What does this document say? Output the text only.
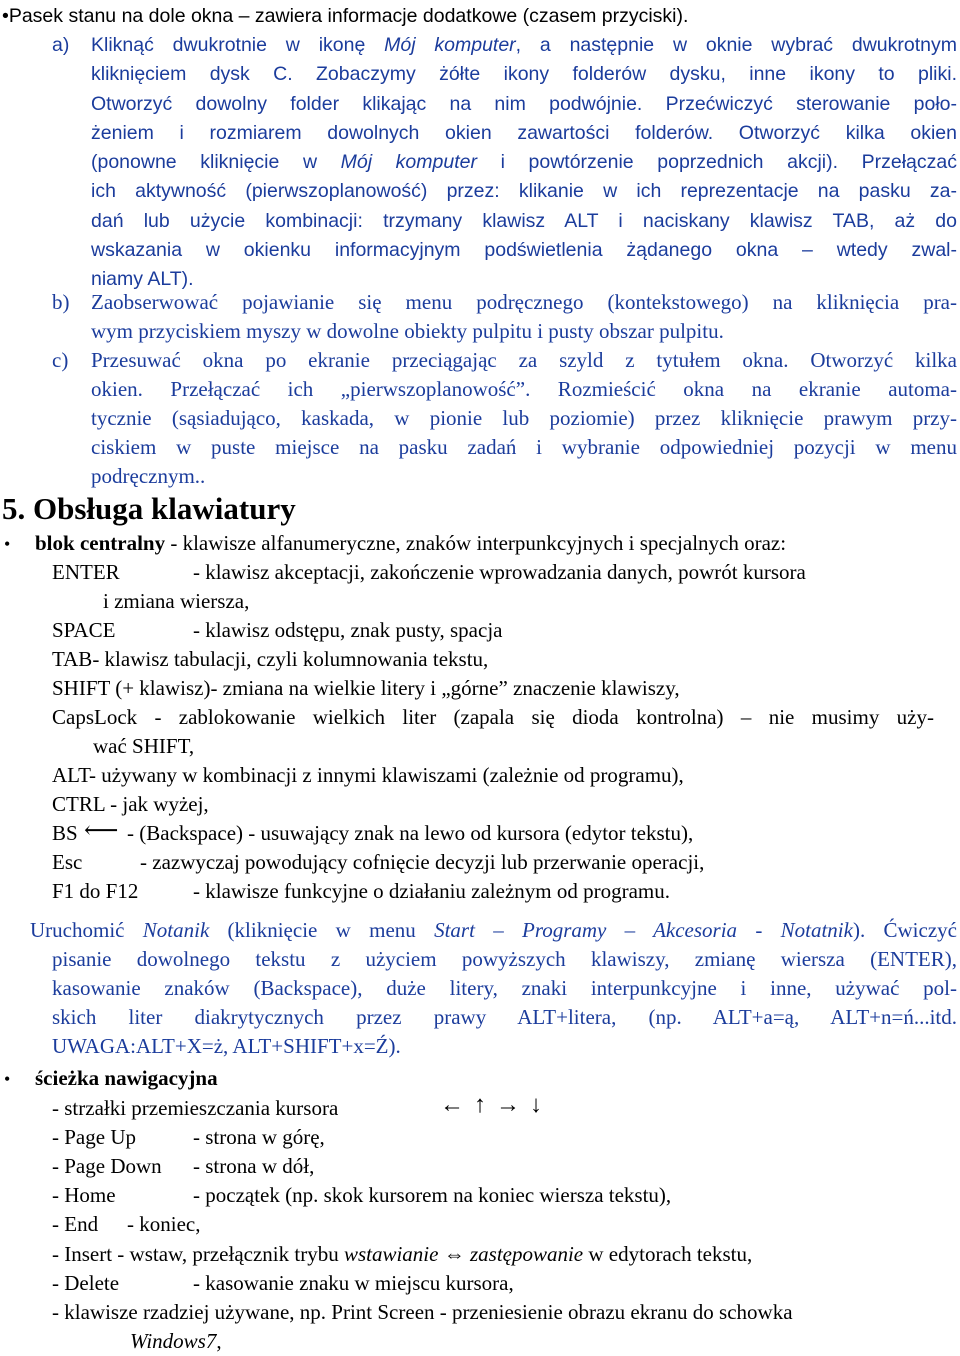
•Pasek stanu na dole okna – zawiera informacje dodatkowe (czasem przyciski).
a) Kliknąć dwukrotnie w ikonę Mój komputer, a następnie w oknie wybrać dwukrotnym
kliknięciem dysk C. Zobaczymy żółte ikony folderów dysku, inne ikony to pliki.
Otworzyć dowolny folder klikając na nim podwójnie. Przećwiczyć sterowanie poło-
żeniem i rozmiarem dowolnych okien zawartości folderów. Otworzyć kilka okien
(ponowne kliknięcie w Mój komputer i powtórzenie poprzednich akcji). Przełączać
ich aktywność (pierwszoplanowość) przez: klikanie w ich reprezentacje na pasku za-
dań lub użycie kombinacji: trzymany klawisz ALT i naciskany klawisz TAB, aż do
wskazania w okienku informacyjnym podświetlenia żądanego okna – wtedy zwal-
niamy ALT).
b) Zaobserwować pojawianie się menu podręcznego (kontekstowego) na kliknięcia pra-
wym przyciskiem myszy w dowolne obiekty pulpitu i pusty obszar pulpitu.
c) Przesuwać okna po ekranie przeciągając za szyld z tytułem okna. Otworzyć kilka
okien. Przełączać ich „pierwszoplanowość”. Rozmieścić okna na ekranie automa-
tycznie (sąsiadująco, kaskada, w pionie lub poziomie) przez kliknięcie prawym przy-
ciskiem w puste miejsce na pasku zadań i wybranie odpowiedniej pozycji w menu
podręcznym..
5. Obsługa klawiatury
• blok centralny - klawisze alfanumeryczne, znaków interpunkcyjnych i specjalnych oraz:
ENTER	- klawisz akceptacji, zakończenie wprowadzania danych, powrót kursora
i zmiana wiersza,
SPACE	- klawisz odstępu, znak pusty, spacja
TAB- klawisz tabulacji, czyli kolumnowania tekstu,
SHIFT (+ klawisz)- zmiana na wielkie litery i „górne” znaczenie klawiszy,
CapsLock - zablokowanie wielkich liter (zapala się dioda kontrolna) – nie musimy uży-
wać SHIFT,
ALT- używany w kombinacji z innymi klawiszami (zależnie od programu),
CTRL - jak wyżej,
BS ⟵ - (Backspace) - usuwający znak na lewo od kursora (edytor tekstu),
Esc	- zazwyczaj powodujący cofnięcie decyzji lub przerwanie operacji,
F1 do F12	- klawisze funkcyjne o działaniu zależnym od programu.
Uruchomić Notanik (kliknięcie w menu Start – Programy – Akcesoria - Notatnik). Ćwiczyć
pisanie dowolnego tekstu z użyciem powyższych klawiszy, zmianę wiersza (ENTER),
kasowanie znaków (Backspace), duże litery, znaki interpunkcyjne i inne, używać pol-
skich liter diakrytycznych przez prawy ALT+litera, (np. ALT+a=ą, ALT+n=ń...itd.
UWAGA:ALT+X=ż, ALT+SHIFT+x=Ź).
• ścieżka nawigacyjna
- strzałki przemieszczania kursora	← ↑ → ↓
- Page Up	- strona w górę,
- Page Down - strona w dół,
- Home	- początek (np. skok kursorem na koniec wiersza tekstu),
- End - koniec,
- Insert - wstaw, przełącznik trybu wstawianie ⇔ zastępowanie w edytorach tekstu,
- Delete	- kasowanie znaku w miejscu kursora,
- klawisze rzadziej używane, np. Print Screen - przeniesienie obrazu ekranu do schowka
Windows7,
